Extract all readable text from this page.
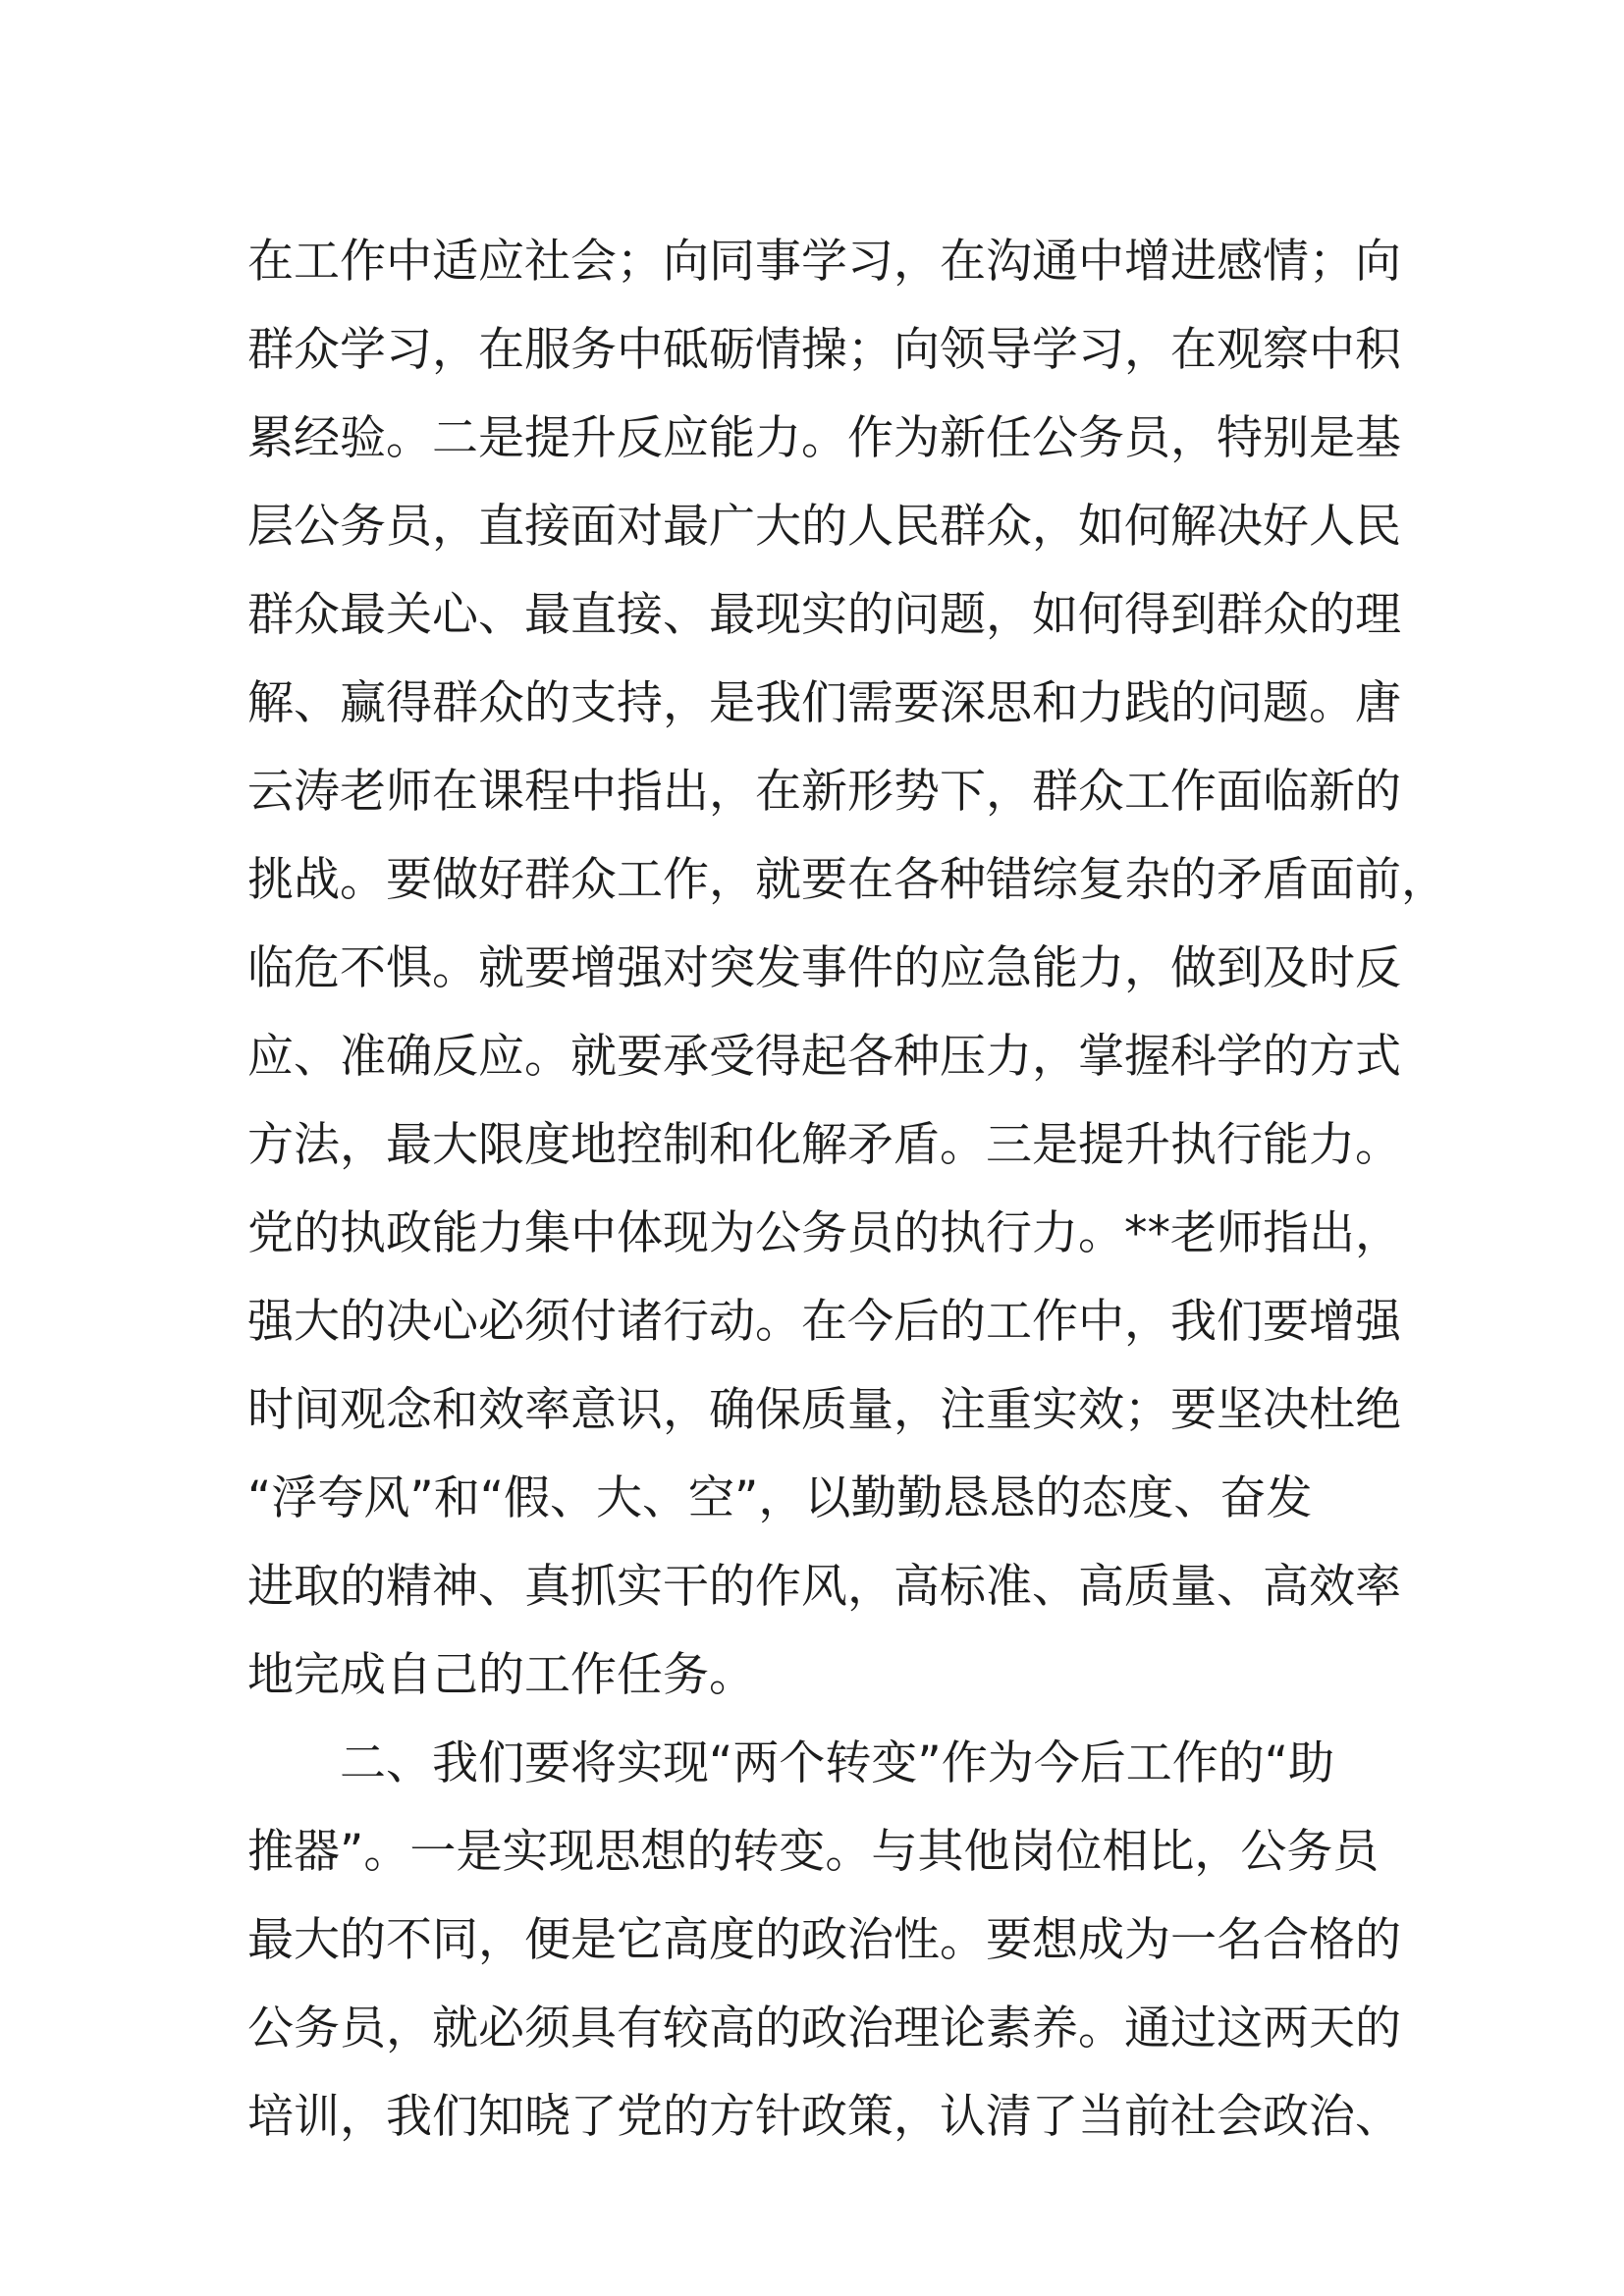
在工作中适应社会；向同事学习，在沟通中增进感情；向
群众学习，在服务中砥砺情操；向领导学习，在观察中积
累经验。二是提升反应能力。作为新任公务员，特别是基
层公务员，直接面对最广大的人民群众，如何解决好人民
群众最关心、最直接、最现实的问题，如何得到群众的理
解、赢得群众的支持，是我们需要深思和力践的问题。唐
云涛老师在课程中指出，在新形势下，群众工作面临新的
挑战。要做好群众工作，就要在各种错综复杂的矛盾面前，
临危不惧。就要增强对突发事件的应急能力，做到及时反
应、准确反应。就要承受得起各种压力，掌握科学的方式
方法，最大限度地控制和化解矛盾。三是提升执行能力。
党的执政能力集中体现为公务员的执行力。**老师指出，
强大的决心必须付诸行动。在今后的工作中，我们要增强
时间观念和效率意识，确保质量，注重实效；要坚决杜绝
“浮夸风”和“假、大、空”，以勤勤恳恳的态度、奋发
进取的精神、真抓实干的作风，高标准、高质量、高效率
地完成自己的工作任务。
二、我们要将实现“两个转变”作为今后工作的“助
推器”。一是实现思想的转变。与其他岗位相比，公务员
最大的不同，便是它高度的政治性。要想成为一名合格的
公务员，就必须具有较高的政治理论素养。通过这两天的
培训，我们知晓了党的方针政策，认清了当前社会政治、
